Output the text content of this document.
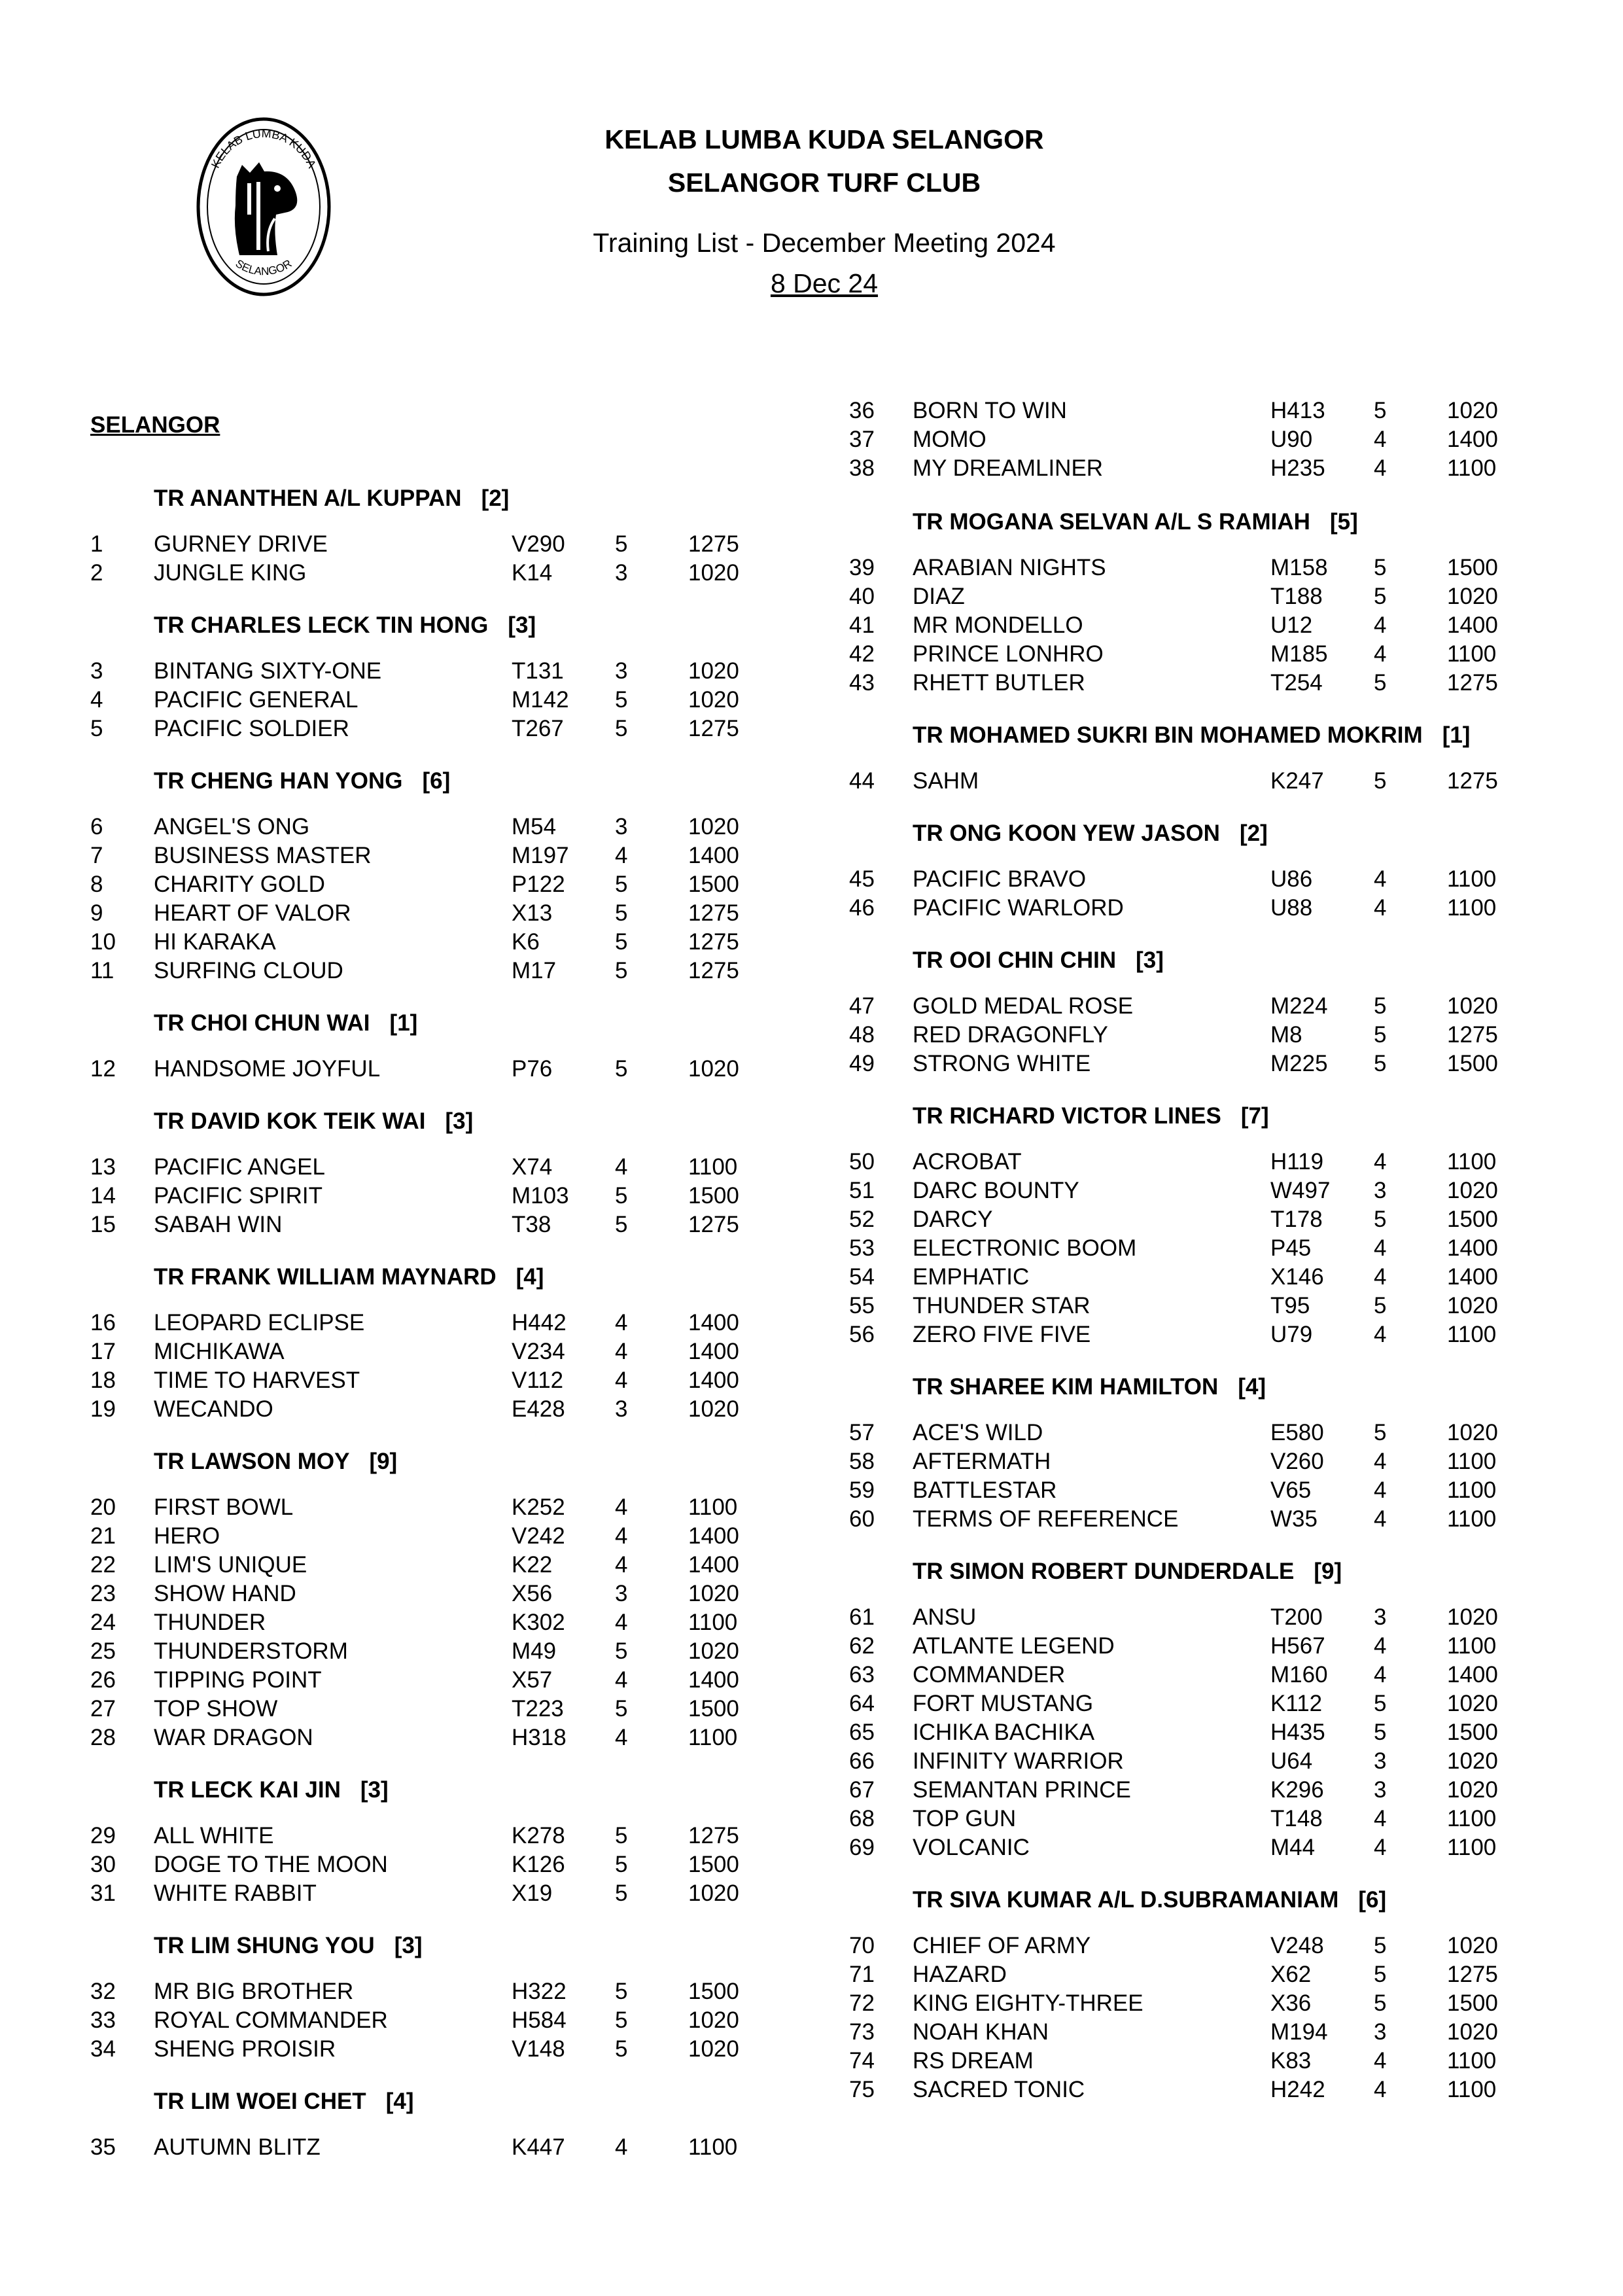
KELAB LUMBA KUDA
SELANGOR
KELAB LUMBA KUDA SELANGOR
SELANGOR TURF CLUB
Training List - December Meeting 2024
8 Dec 24
SELANGOR
TR ANANTHEN A/L KUPPAN [2]
1 GURNEY DRIVE	V290 5	1275
2 JUNGLE KING	K14	3	1020
TR CHARLES LECK TIN HONG [3]
3 BINTANG SIXTY-ONE	T131 3	1020
4 PACIFIC GENERAL	M142 5	1020
5 PACIFIC SOLDIER	T267 5	1275
TR CHENG HAN YONG [6]
6 ANGEL'S ONG	M54	3	1020
7 BUSINESS MASTER	M197 4	1400
8 CHARITY GOLD	P122 5	1500
9 HEART OF VALOR	X13	5	1275
10 HI KARAKA	K6	5	1275
11 SURFING CLOUD	M17	5	1275
TR CHOI CHUN WAI [1]
12 HANDSOME JOYFUL	P76	5	1020
TR DAVID KOK TEIK WAI [3]
13 PACIFIC ANGEL	X74	4	1100
14 PACIFIC SPIRIT	M103 5	1500
15 SABAH WIN	T38	5	1275
TR FRANK WILLIAM MAYNARD [4]
16 LEOPARD ECLIPSE	H442 4	1400
17 MICHIKAWA	V234 4	1400
18 TIME TO HARVEST	V112 4	1400
19 WECANDO	E428 3	1020
TR LAWSON MOY [9]
20 FIRST BOWL	K252 4	1100
21 HERO	V242 4	1400
22 LIM'S UNIQUE	K22	4	1400
23 SHOW HAND	X56	3	1020
24 THUNDER	K302 4	1100
25 THUNDERSTORM	M49	5	1020
26 TIPPING POINT	X57	4	1400
27 TOP SHOW	T223 5	1500
28 WAR DRAGON	H318 4	1100
TR LECK KAI JIN [3]
29 ALL WHITE	K278 5	1275
30 DOGE TO THE MOON	K126 5	1500
31 WHITE RABBIT	X19	5	1020
TR LIM SHUNG YOU [3]
32 MR BIG BROTHER	H322 5	1500
33 ROYAL COMMANDER	H584 5	1020
34 SHENG PROISIR	V148 5	1020
TR LIM WOEI CHET [4]
35 AUTUMN BLITZ	K447 4	1100
36 BORN TO WIN	H413 5	1020
37 MOMO	U90	4	1400
38 MY DREAMLINER	H235 4	1100
TR MOGANA SELVAN A/L S RAMIAH [5]
39 ARABIAN NIGHTS	M158 5	1500
40 DIAZ	T188 5	1020
41 MR MONDELLO	U12	4	1400
42 PRINCE LONHRO	M185 4	1100
43 RHETT BUTLER	T254 5	1275
TR MOHAMED SUKRI BIN MOHAMED MOKRIM [1]
44 SAHM	K247 5	1275
TR ONG KOON YEW JASON [2]
45 PACIFIC BRAVO	U86	4	1100
46 PACIFIC WARLORD	U88	4	1100
TR OOI CHIN CHIN [3]
47 GOLD MEDAL ROSE	M224 5	1020
48 RED DRAGONFLY	M8	5	1275
49 STRONG WHITE	M225 5	1500
TR RICHARD VICTOR LINES [7]
50 ACROBAT	H119 4	1100
51 DARC BOUNTY	W497 3	1020
52 DARCY	T178 5	1500
53 ELECTRONIC BOOM	P45	4	1400
54 EMPHATIC	X146 4	1400
55 THUNDER STAR	T95	5	1020
56 ZERO FIVE FIVE	U79	4	1100
TR SHAREE KIM HAMILTON [4]
57 ACE'S WILD	E580 5	1020
58 AFTERMATH	V260 4	1100
59 BATTLESTAR	V65	4	1100
60 TERMS OF REFERENCE	W35 4	1100
TR SIMON ROBERT DUNDERDALE [9]
61 ANSU	T200 3	1020
62 ATLANTE LEGEND	H567 4	1100
63 COMMANDER	M160 4	1400
64 FORT MUSTANG	K112 5	1020
65 ICHIKA BACHIKA	H435 5	1500
66 INFINITY WARRIOR	U64	3	1020
67 SEMANTAN PRINCE	K296 3	1020
68 TOP GUN	T148 4	1100
69 VOLCANIC	M44	4	1100
TR SIVA KUMAR A/L D.SUBRAMANIAM [6]
70 CHIEF OF ARMY	V248 5	1020
71 HAZARD	X62	5	1275
72 KING EIGHTY-THREE	X36	5	1500
73 NOAH KHAN	M194 3	1020
74 RS DREAM	K83	4	1100
75 SACRED TONIC	H242 4	1100
